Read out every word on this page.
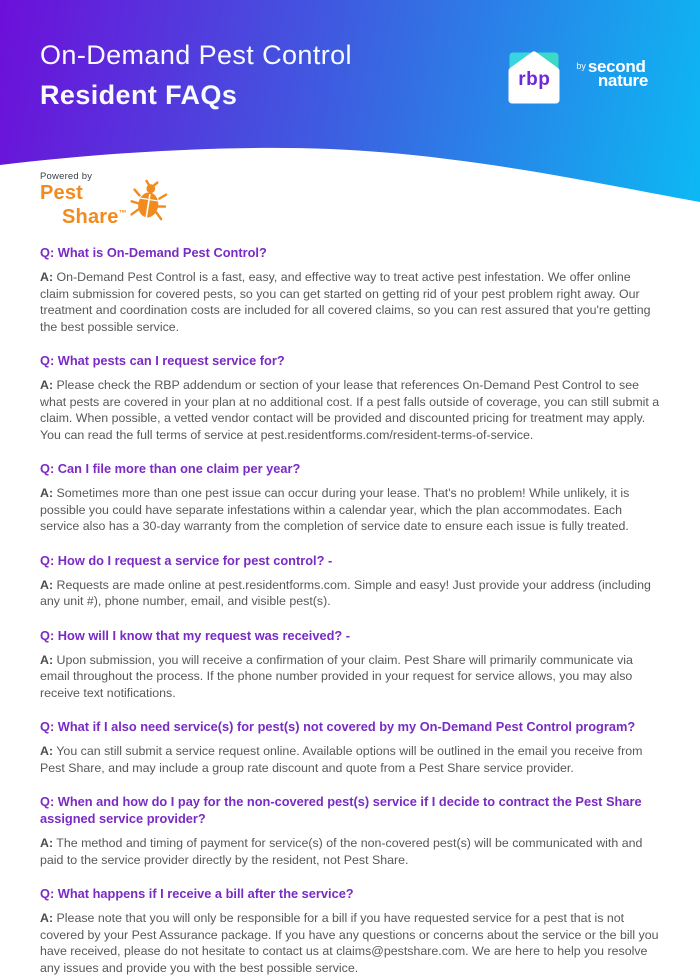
On-Demand Pest Control
Resident FAQs
rbp
by second
nature
Powered by
Pest
Share™
Q: What is On-Demand Pest Control?

A: On-Demand Pest Control is a fast, easy, and effective way to treat active pest infestation. We offer online claim submission for covered pests, so you can get started on getting rid of your pest problem right away. Our treatment and coordination costs are included for all covered claims, so you can rest assured that you're getting the best possible service.

Q: What pests can I request service for?

A: Please check the RBP addendum or section of your lease that references On-Demand Pest Control to see what pests are covered in your plan at no additional cost. If a pest falls outside of coverage, you can still submit a claim. When possible, a vetted vendor contact will be provided and discounted pricing for treatment may apply. You can read the full terms of service at pest.residentforms.com/resident-terms-of-service.

Q: Can I file more than one claim per year?

A: Sometimes more than one pest issue can occur during your lease. That's no problem! While unlikely, it is possible you could have separate infestations within a calendar year, which the plan accommodates. Each service also has a 30-day warranty from the completion of service date to ensure each issue is fully treated.

Q: How do I request a service for pest control? -

A: Requests are made online at pest.residentforms.com. Simple and easy! Just provide your address (including any unit #), phone number, email, and visible pest(s).

Q: How will I know that my request was received? -

A: Upon submission, you will receive a confirmation of your claim. Pest Share will primarily communicate via email throughout the process. If the phone number provided in your request for service allows, you may also receive text notifications.

Q: What if I also need service(s) for pest(s) not covered by my On-Demand Pest Control program?

A: You can still submit a service request online. Available options will be outlined in the email you receive from Pest Share, and may include a group rate discount and quote from a Pest Share service provider.

Q: When and how do I pay for the non-covered pest(s) service if I decide to contract the Pest Share assigned service provider?

A: The method and timing of payment for service(s) of the non-covered pest(s) will be communicated with and paid to the service provider directly by the resident, not Pest Share.

Q: What happens if I receive a bill after the service?

A: Please note that you will only be responsible for a bill if you have requested service for a pest that is not covered by your Pest Assurance package. If you have any questions or concerns about the service or the bill you have received, please do not hesitate to contact us at claims@pestshare.com. We are here to help you resolve any issues and provide you with the best possible service.
